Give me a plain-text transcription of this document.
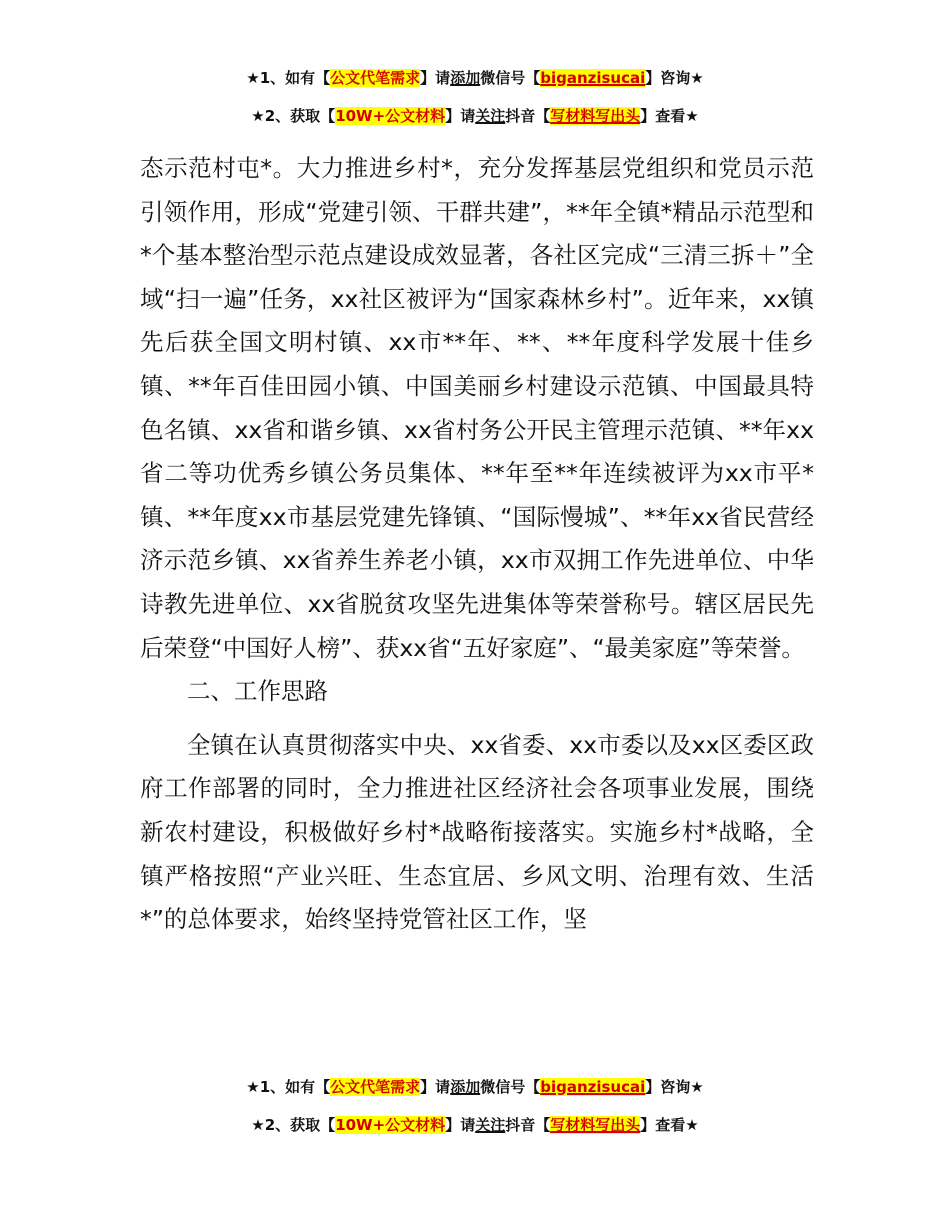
★1、如有【公文代笔需求】请添加微信号【biganzisucai】咨询★
★2、获取【10W+公文材料】请关注抖音【写材料写出头】查看★

态示范村屯*。大力推进乡村*，充分发挥基层党组织和党员示范引领作用，形成“党建引领、干群共建”，**年全镇*精品示范型和*个基本整治型示范点建设成效显著，各社区完成“三清三拆＋”全域“扫一遍”任务，xx社区被评为“国家森林乡村”。近年来，xx镇先后获全国文明村镇、xx市**年、**、**年度科学发展十佳乡镇、**年百佳田园小镇、中国美丽乡村建设示范镇、中国最具特色名镇、xx省和谐乡镇、xx省村务公开民主管理示范镇、**年xx省二等功优秀乡镇公务员集体、**年至**年连续被评为xx市平*镇、**年度xx市基层党建先锋镇、“国际慢城”、**年xx省民营经济示范乡镇、xx省养生养老小镇，xx市双拥工作先进单位、中华诗教先进单位、xx省脱贫攻坚先进集体等荣誉称号。辖区居民先后荣登“中国好人榜”、获xx省“五好家庭”、“最美家庭”等荣誉。

二、工作思路

全镇在认真贯彻落实中央、xx省委、xx市委以及xx区委区政府工作部署的同时，全力推进社区经济社会各项事业发展，围绕新农村建设，积极做好乡村*战略衔接落实。实施乡村*战略，全镇严格按照“产业兴旺、生态宜居、乡风文明、治理有效、生活*”的总体要求，始终坚持党管社区工作，坚

★1、如有【公文代笔需求】请添加微信号【biganzisucai】咨询★
★2、获取【10W+公文材料】请关注抖音【写材料写出头】查看★
